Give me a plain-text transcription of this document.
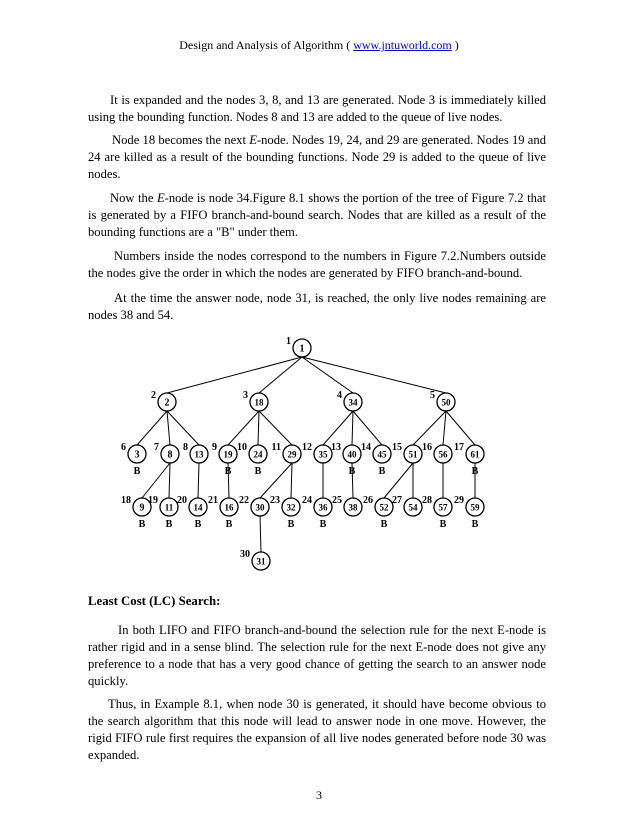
Design and Analysis of Algorithm ( www.jntuworld.com )

It is expanded and the nodes 3, 8, and 13 are generated. Node 3 is immediately killed using the bounding function. Nodes 8 and 13 are added to the queue of live nodes.

Node 18 becomes the next E-node. Nodes 19, 24, and 29 are generated. Nodes 19 and 24 are killed as a result of the bounding functions. Node 29 is added to the queue of live nodes.

Now the E-node is node 34.Figure 8.1 shows the portion of the tree of Figure 7.2 that is generated by a FIFO branch-and-bound search. Nodes that are killed as a result of the bounding functions are a "B" under them.

Numbers inside the nodes correspond to the numbers in Figure 7.2.Numbers outside the nodes give the order in which the nodes are generated by FIFO branch-and-bound.

At the time the answer node, node 31, is reached, the only live nodes remaining are nodes 38 and 54.

1
1
2
2
18
3
34
4
50
5
3
6
B
8
7
13
8
19
9
B
24
10
B
29
11
35
12
40
13
B
45
14
B
51
15
56
16
61
17
B
9
18
B
11
19
B
14
20
B
16
21
B
30
22
32
23
B
36
24
B
38
25
52
26
B
54
27
57
28
B
59
29
B
31
30

Least Cost (LC) Search:

In both LIFO and FIFO branch-and-bound the selection rule for the next E-node is rather rigid and in a sense blind. The selection rule for the next E-node does not give any preference to a node that has a very good chance of getting the search to an answer node quickly.

Thus, in Example 8.1, when node 30 is generated, it should have become obvious to the search algorithm that this node will lead to answer node in one move. However, the rigid FIFO rule first requires the expansion of all live nodes generated before node 30 was expanded.

3
